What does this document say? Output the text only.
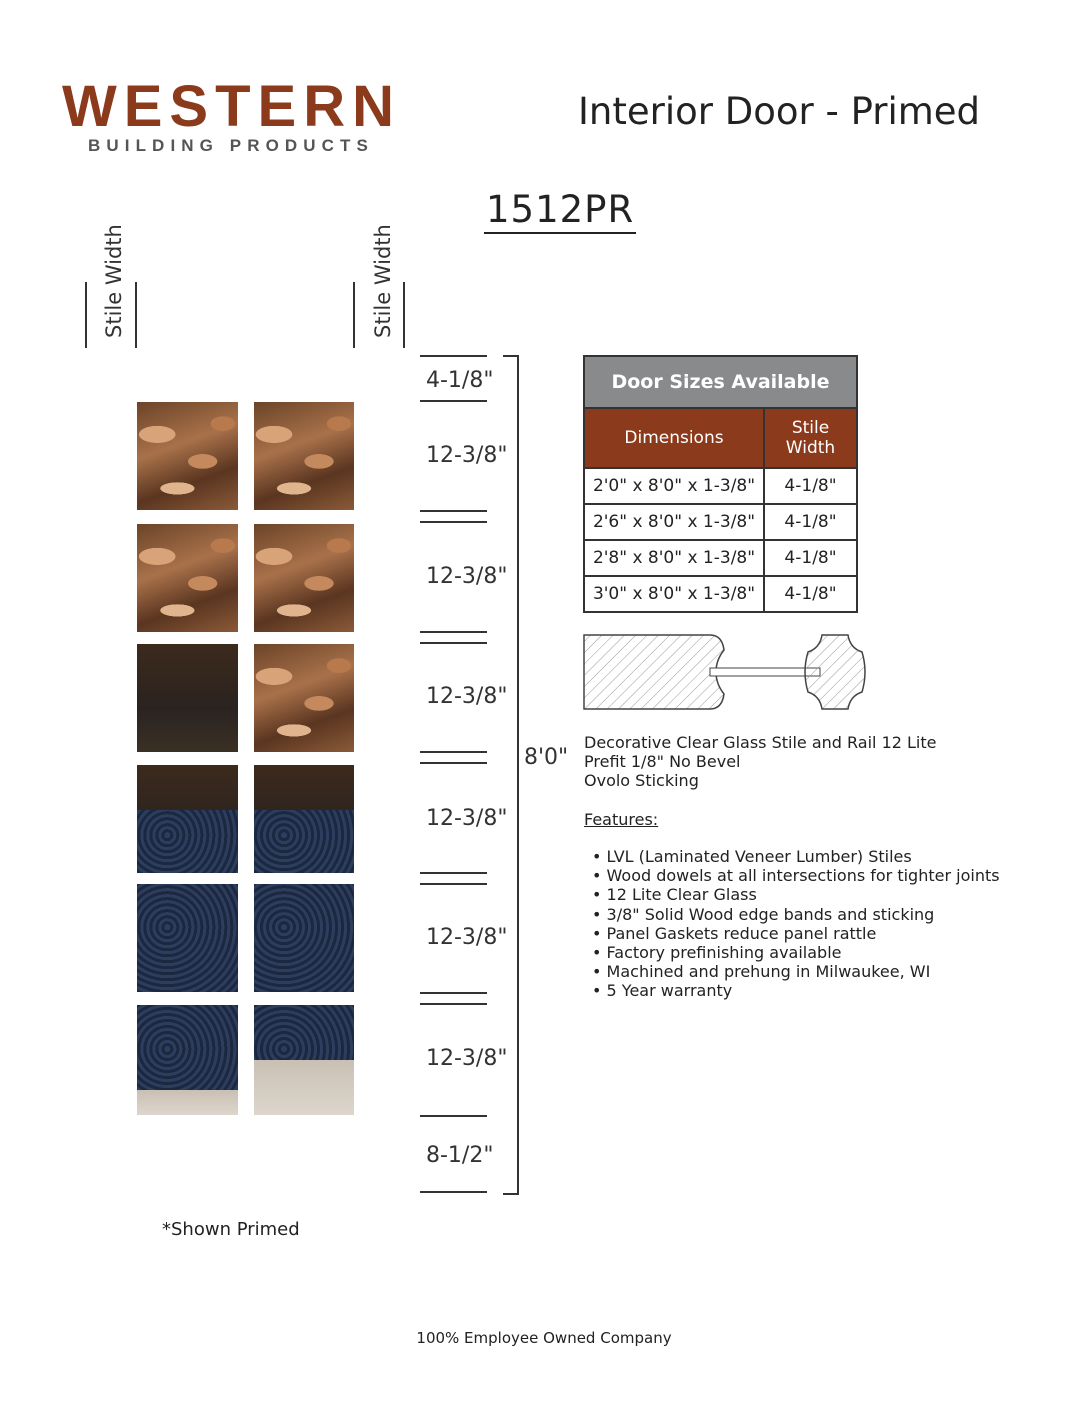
WESTERN
BUILDING PRODUCTS
Interior Door - Primed
1512PR
Stile Width	Stile Width
4-1/8"
12-3/8"
12-3/8"
12-3/8"
12-3/8"
12-3/8"
12-3/8"
8-1/2"
8'0"
Door Sizes Available	
Dimensions	Stile Width
2'0" x 8'0" x 1-3/8"	4-1/8"
2'6" x 8'0" x 1-3/8"	4-1/8"
2'8" x 8'0" x 1-3/8"	4-1/8"
3'0" x 8'0" x 1-3/8"	4-1/8"
Decorative Clear Glass Stile and Rail 12 Lite
Prefit 1/8" No Bevel
Ovolo Sticking
Features:
• LVL (Laminated Veneer Lumber) Stiles
• Wood dowels at all intersections for tighter joints
• 12 Lite Clear Glass
• 3/8" Solid Wood edge bands and sticking
• Panel Gaskets reduce panel rattle
• Factory prefinishing available
• Machined and prehung in Milwaukee, WI
• 5 Year warranty
*Shown Primed
100% Employee Owned Company
